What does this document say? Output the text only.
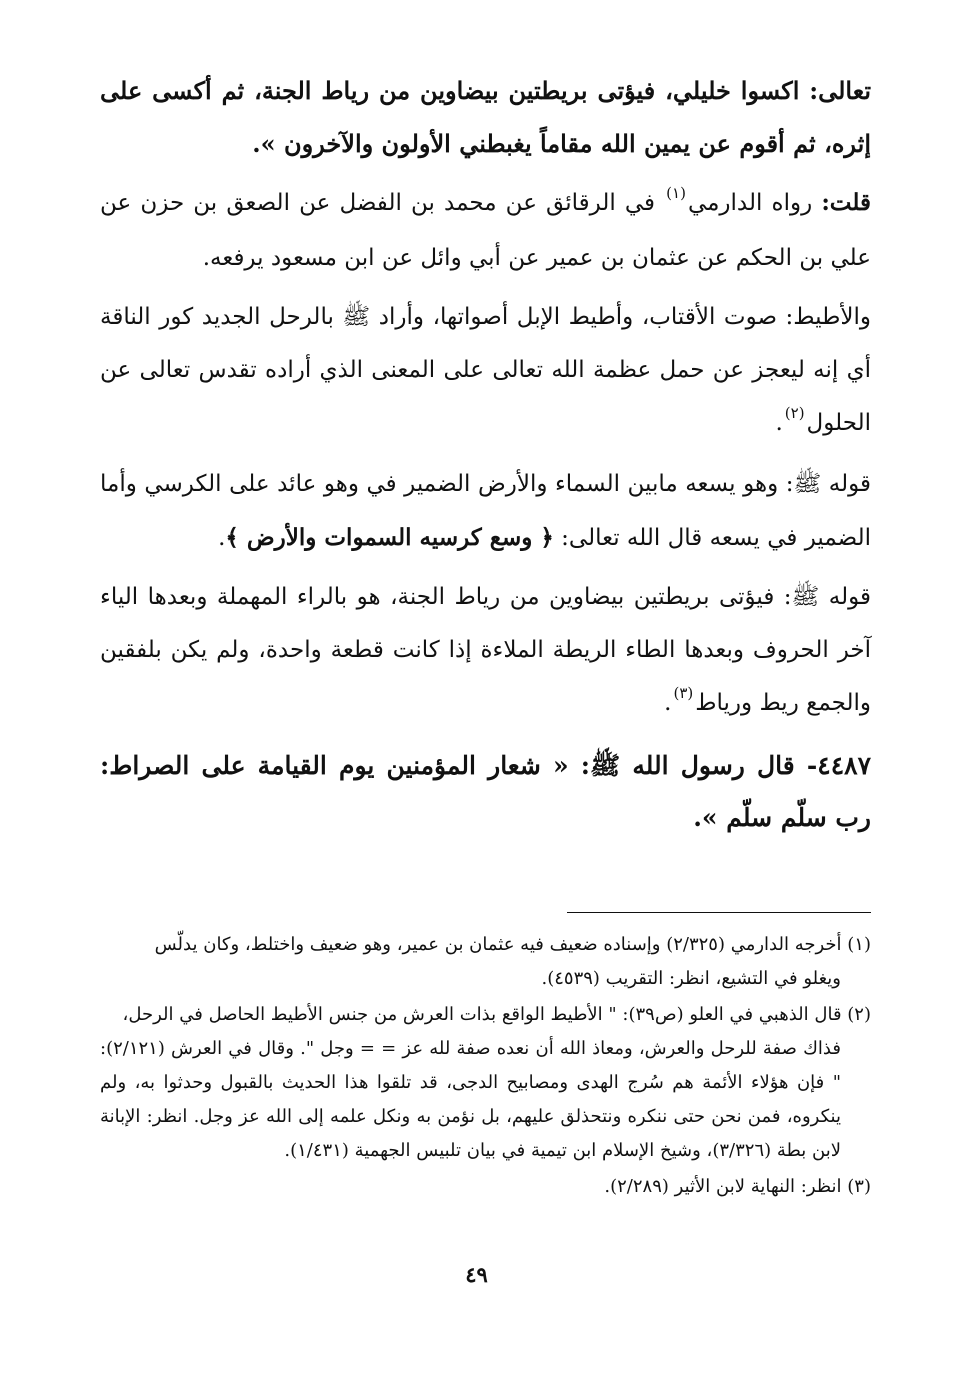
تعالى: اكسوا خليلي، فيؤتى بريطتين بيضاوين من رياط الجنة، ثم أكسى على إثره، ثم أقوم عن يمين الله مقاماً يغبطني الأولون والآخرون ».

قلت: رواه الدارمي$^{(١)}$ في الرقائق عن محمد بن الفضل عن الصعق بن حزن عن علي بن الحكم عن عثمان بن عمير عن أبي وائل عن ابن مسعود يرفعه.

والأطيط: صوت الأقتاب، وأطيط الإبل أصواتها، وأراد ﷺ بالرحل الجديد كور الناقة أي إنه ليعجز عن حمل عظمة الله تعالى على المعنى الذي أراده تقدس تعالى عن الحلول$^{(٢)}$.

قوله ﷺ: وهو يسعه مابين السماء والأرض الضمير في وهو عائد على الكرسي وأما الضمير في يسعه قال الله تعالى: ﴿ وسع كرسيه السموات والأرض ﴾.

قوله ﷺ: فيؤتى بريطتين بيضاوين من رياط الجنة، هو بالراء المهملة وبعدها الياء آخر الحروف وبعدها الطاء الريطة الملاءة إذا كانت قطعة واحدة، ولم يكن بلفقين والجمع ريط ورياط$^{(٣)}$.

٤٤٨٧- قال رسول الله ﷺ: « شعار المؤمنين يوم القيامة على الصراط: رب سلّم سلّم ».

(١) أخرجه الدارمي (٢/٣٢٥) وإسناده ضعيف فيه عثمان بن عمير، وهو ضعيف واختلط، وكان يدلّس
ويغلو في التشيع، انظر: التقريب (٤٥٣٩).
(٢) قال الذهبي في العلو (ص٣٩): " الأطيط الواقع بذات العرش من جنس الأطيط الحاصل في الرحل،
فذاك صفة للرحل والعرش، ومعاذ الله أن نعده صفة لله عز = = وجل ". وقال في العرش (٢/١٢١): " فإن هؤلاء الأئمة هم سُرج الهدى ومصابيح الدجى، قد تلقوا هذا الحديث بالقبول وحدثوا به، ولم ينكروه، فمن نحن حتى ننكره ونتحذلق عليهم، بل نؤمن به ونكل علمه إلى الله عز وجل. انظر: الإبانة لابن بطة (٣/٣٢٦)، وشيخ الإسلام ابن تيمية في بيان تلبيس الجهمية (١/٤٣١).
(٣) انظر: النهاية لابن الأثير (٢/٢٨٩).
٤٩
